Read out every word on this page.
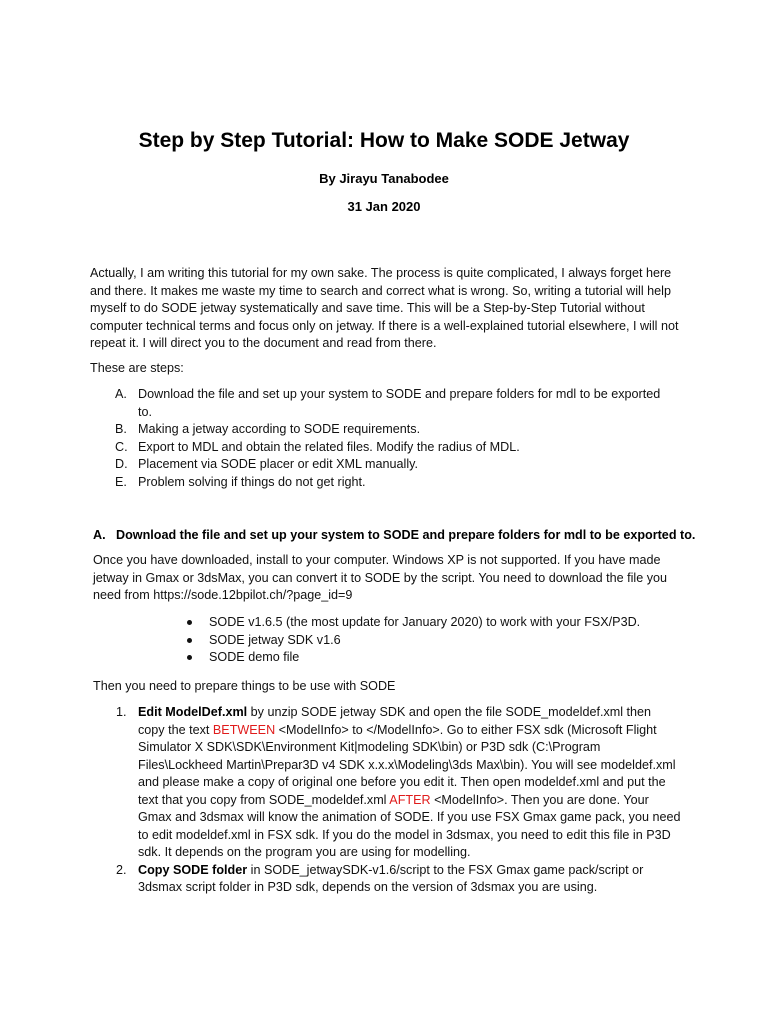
Step by Step Tutorial: How to Make SODE Jetway
By Jirayu Tanabodee
31 Jan 2020
Actually, I am writing this tutorial for my own sake. The process is quite complicated, I always forget here and there. It makes me waste my time to search and correct what is wrong. So, writing a tutorial will help myself to do SODE jetway systematically and save time. This will be a Step-by-Step Tutorial without computer technical terms and focus only on jetway. If there is a well-explained tutorial elsewhere, I will not repeat it. I will direct you to the document and read from there.
These are steps:
A. Download the file and set up your system to SODE and prepare folders for mdl to be exported to.
B. Making a jetway according to SODE requirements.
C. Export to MDL and obtain the related files. Modify the radius of MDL.
D. Placement via SODE placer or edit XML manually.
E. Problem solving if things do not get right.
A. Download the file and set up your system to SODE and prepare folders for mdl to be exported to.
Once you have downloaded, install to your computer. Windows XP is not supported. If you have made jetway in Gmax or 3dsMax, you can convert it to SODE by the script. You need to download the file you need from https://sode.12bpilot.ch/?page_id=9
SODE v1.6.5 (the most update for January 2020) to work with your FSX/P3D.
SODE jetway SDK v1.6
SODE demo file
Then you need to prepare things to be use with SODE
1. Edit ModelDef.xml by unzip SODE jetway SDK and open the file SODE_modeldef.xml then copy the text BETWEEN <ModelInfo> to </ModelInfo>. Go to either FSX sdk (Microsoft Flight Simulator X SDK\SDK\Environment Kit|modeling SDK\bin) or P3D sdk (C:\Program Files\Lockheed Martin\Prepar3D v4 SDK x.x.x\Modeling\3ds Max\bin). You will see modeldef.xml and please make a copy of original one before you edit it. Then open modeldef.xml and put the text that you copy from SODE_modeldef.xml AFTER <ModelInfo>. Then you are done. Your Gmax and 3dsmax will know the animation of SODE. If you use FSX Gmax game pack, you need to edit modeldef.xml in FSX sdk. If you do the model in 3dsmax, you need to edit this file in P3D sdk. It depends on the program you are using for modelling.
2. Copy SODE folder in SODE_jetwaySDK-v1.6/script to the FSX Gmax game pack/script or 3dsmax script folder in P3D sdk, depends on the version of 3dsmax you are using.
